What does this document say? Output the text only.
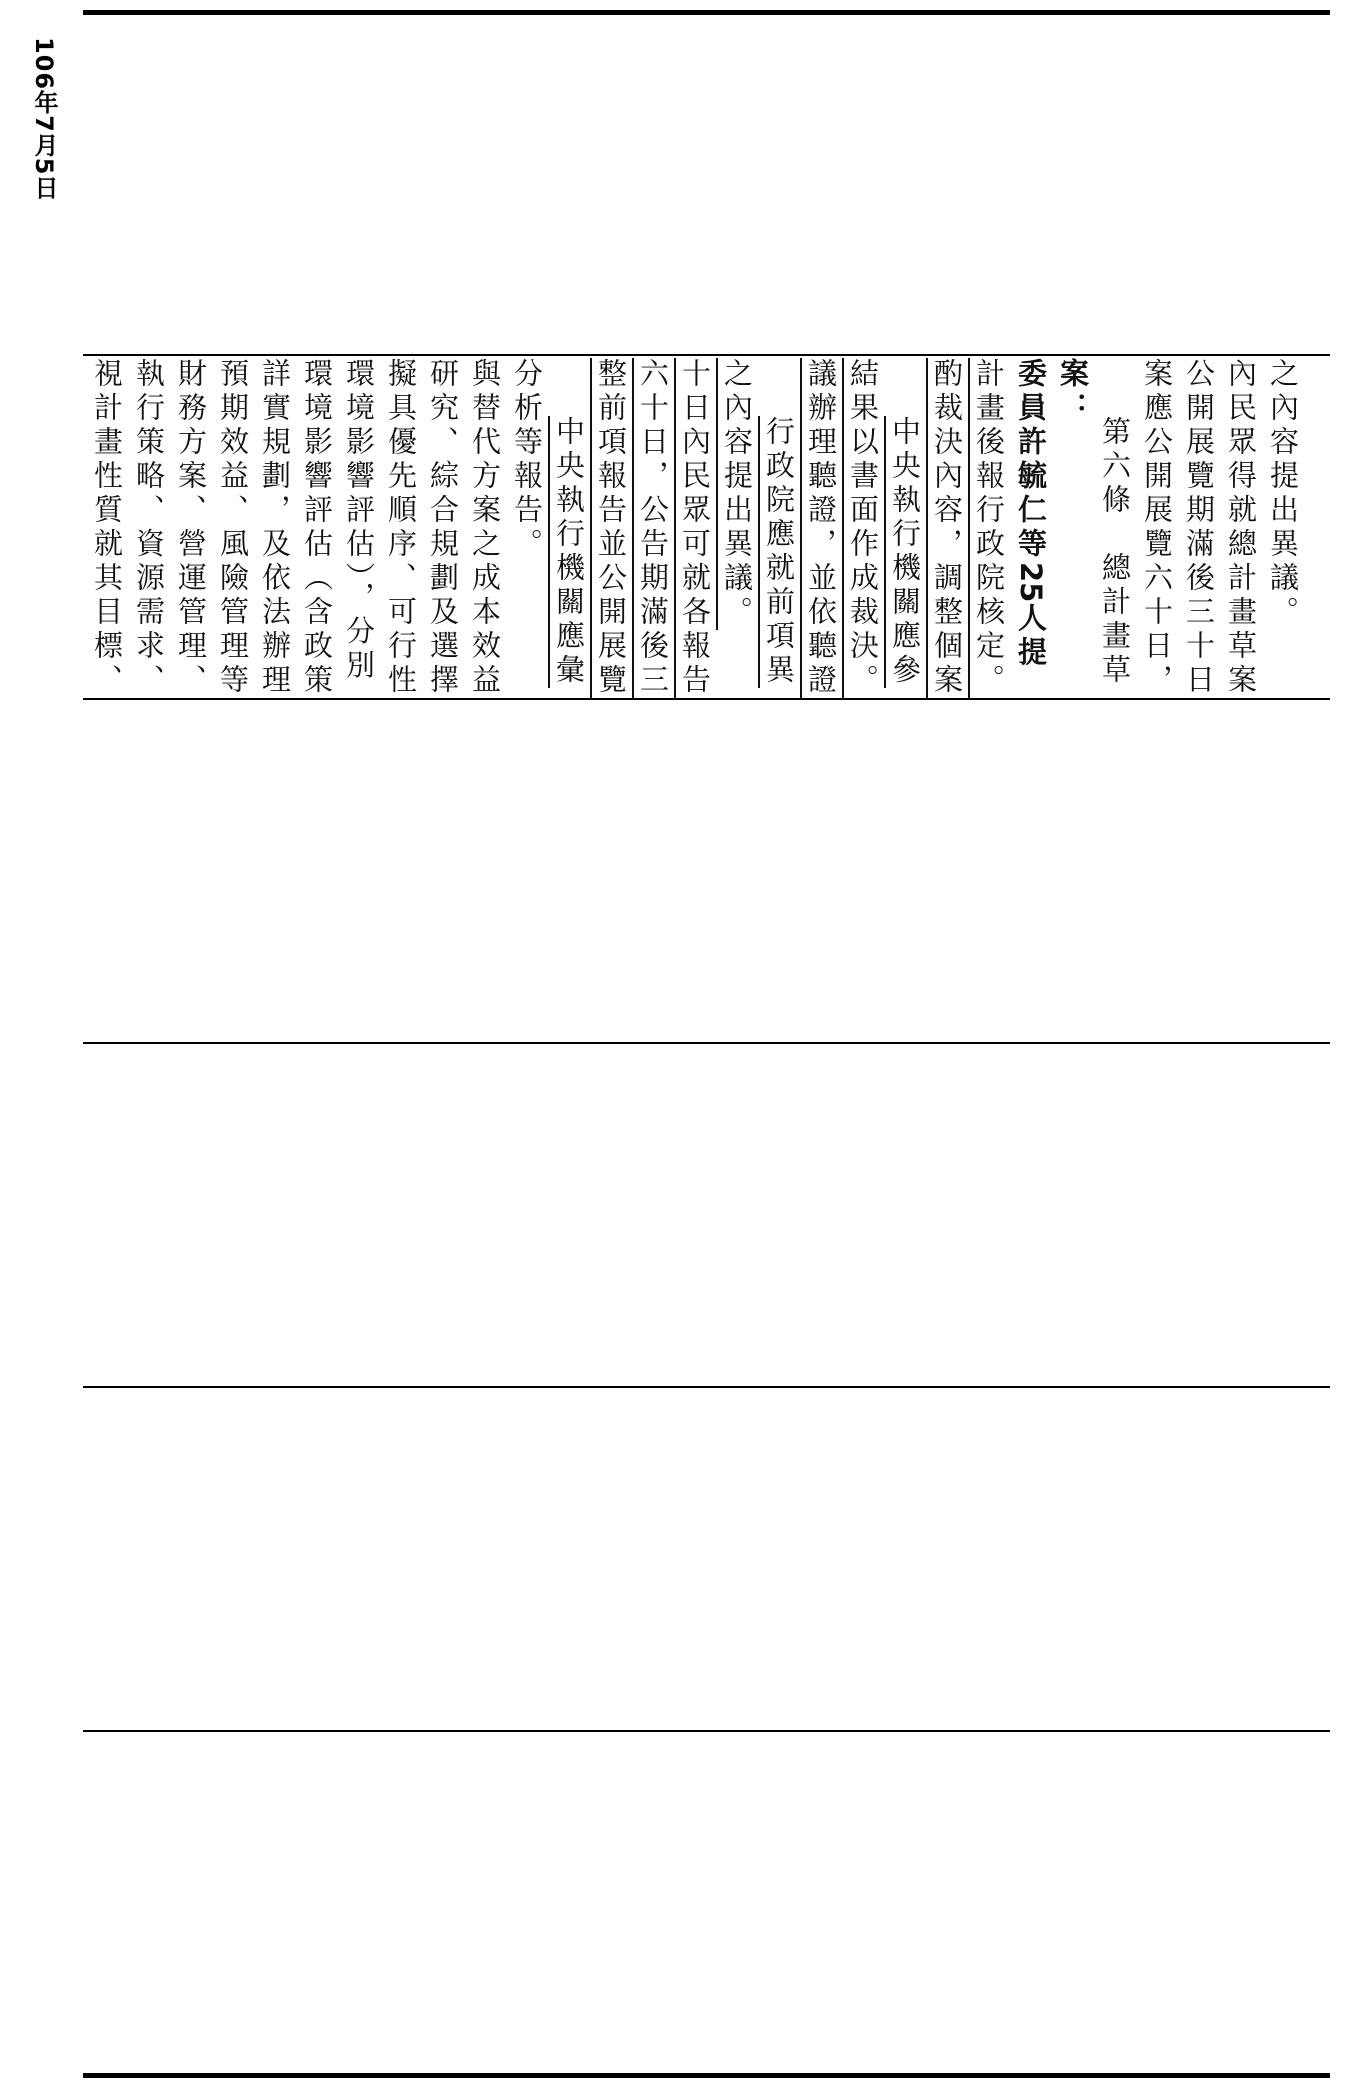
106年7月5日

視計畫性質就其目標、執行策略、資源需求、財務方案、營運管理、預期效益、風險管理等詳實規劃，及依法辦理環境影響評估（含政策環境影響評估），分別擬具優先順序、可行性研究、綜合規劃及選擇與替代方案之成本效益分析等報告。 中央執行機關應彙整前項報告並公開展覽六十日，公告期滿後三十日內民眾可就各報告之內容提出異議。 行政院應就前項異議辦理聽證，並依聽證結果以書面作成裁決。 中央執行機關應參酌裁決內容，調整個案計畫後報行政院核定。 委員許毓仁等25人提案：

第六條　總計畫草案應公開展覽六十日，公開展覽期滿後三十日內民眾得就總計畫草案之內容提出異議。
